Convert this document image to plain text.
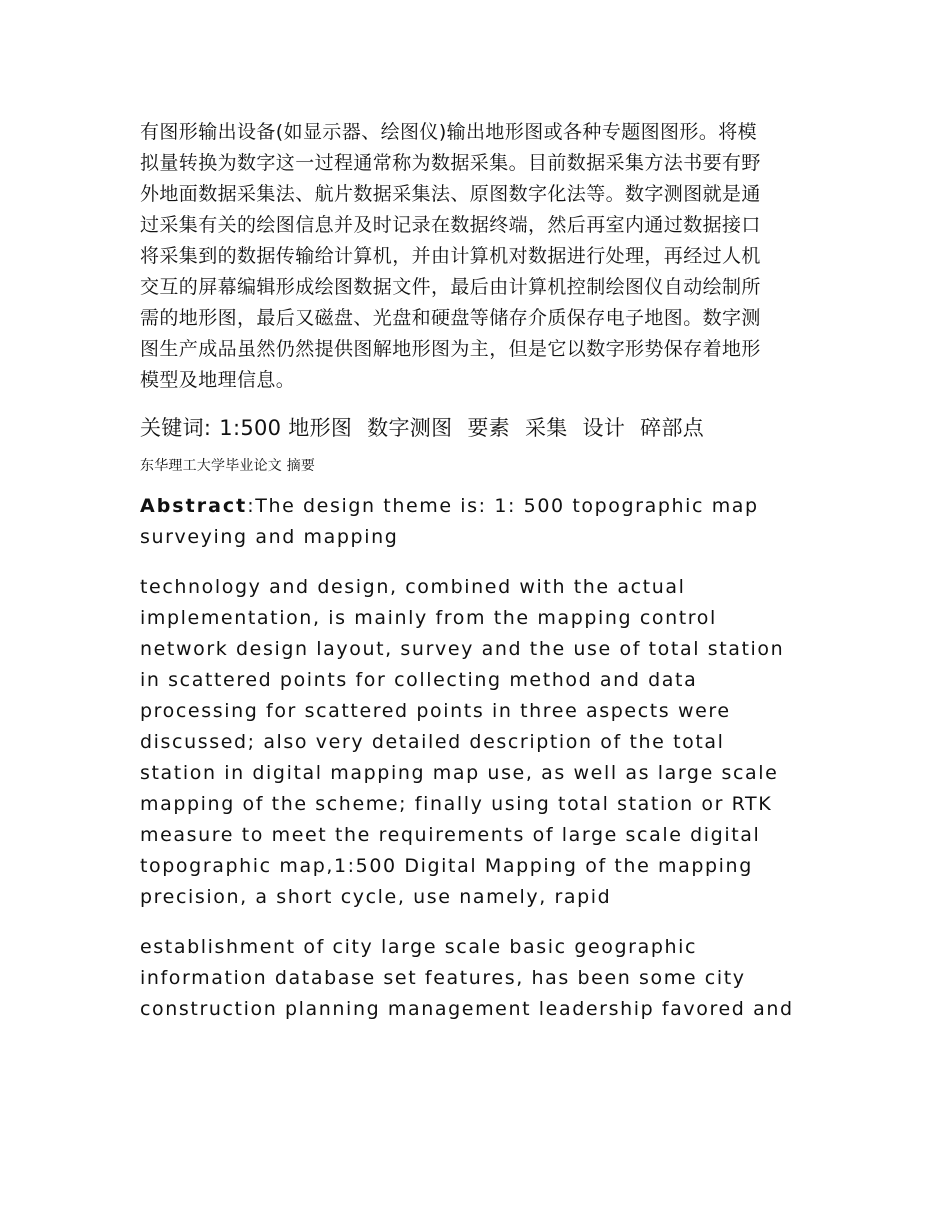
有图形输出设备(如显示器、绘图仪)输出地形图或各种专题图图形。将模
拟量转换为数字这一过程通常称为数据采集。目前数据采集方法书要有野
外地面数据采集法、航片数据采集法、原图数字化法等。数字测图就是通
过采集有关的绘图信息并及时记录在数据终端，然后再室内通过数据接口
将采集到的数据传输给计算机，并由计算机对数据进行处理，再经过人机
交互的屏幕编辑形成绘图数据文件，最后由计算机控制绘图仪自动绘制所
需的地形图，最后又磁盘、光盘和硬盘等储存介质保存电子地图。数字测
图生产成品虽然仍然提供图解地形图为主，但是它以数字形势保存着地形
模型及地理信息。

关键词: 1:500 地形图 数字测图 要素 采集 设计 碎部点
东华理工大学毕业论文 摘要

Abstract:The design theme is: 1: 500 topographic map
surveying and mapping

technology and design, combined with the actual
implementation, is mainly from the mapping control
network design layout, survey and the use of total station
in scattered points for collecting method and data
processing for scattered points in three aspects were
discussed; also very detailed description of the total
station in digital mapping map use, as well as large scale
mapping of the scheme; finally using total station or RTK
measure to meet the requirements of large scale digital
topographic map,1:500 Digital Mapping of the mapping
precision, a short cycle, use namely, rapid

establishment of city large scale basic geographic
information database set features, has been some city
construction planning management leadership favored and
